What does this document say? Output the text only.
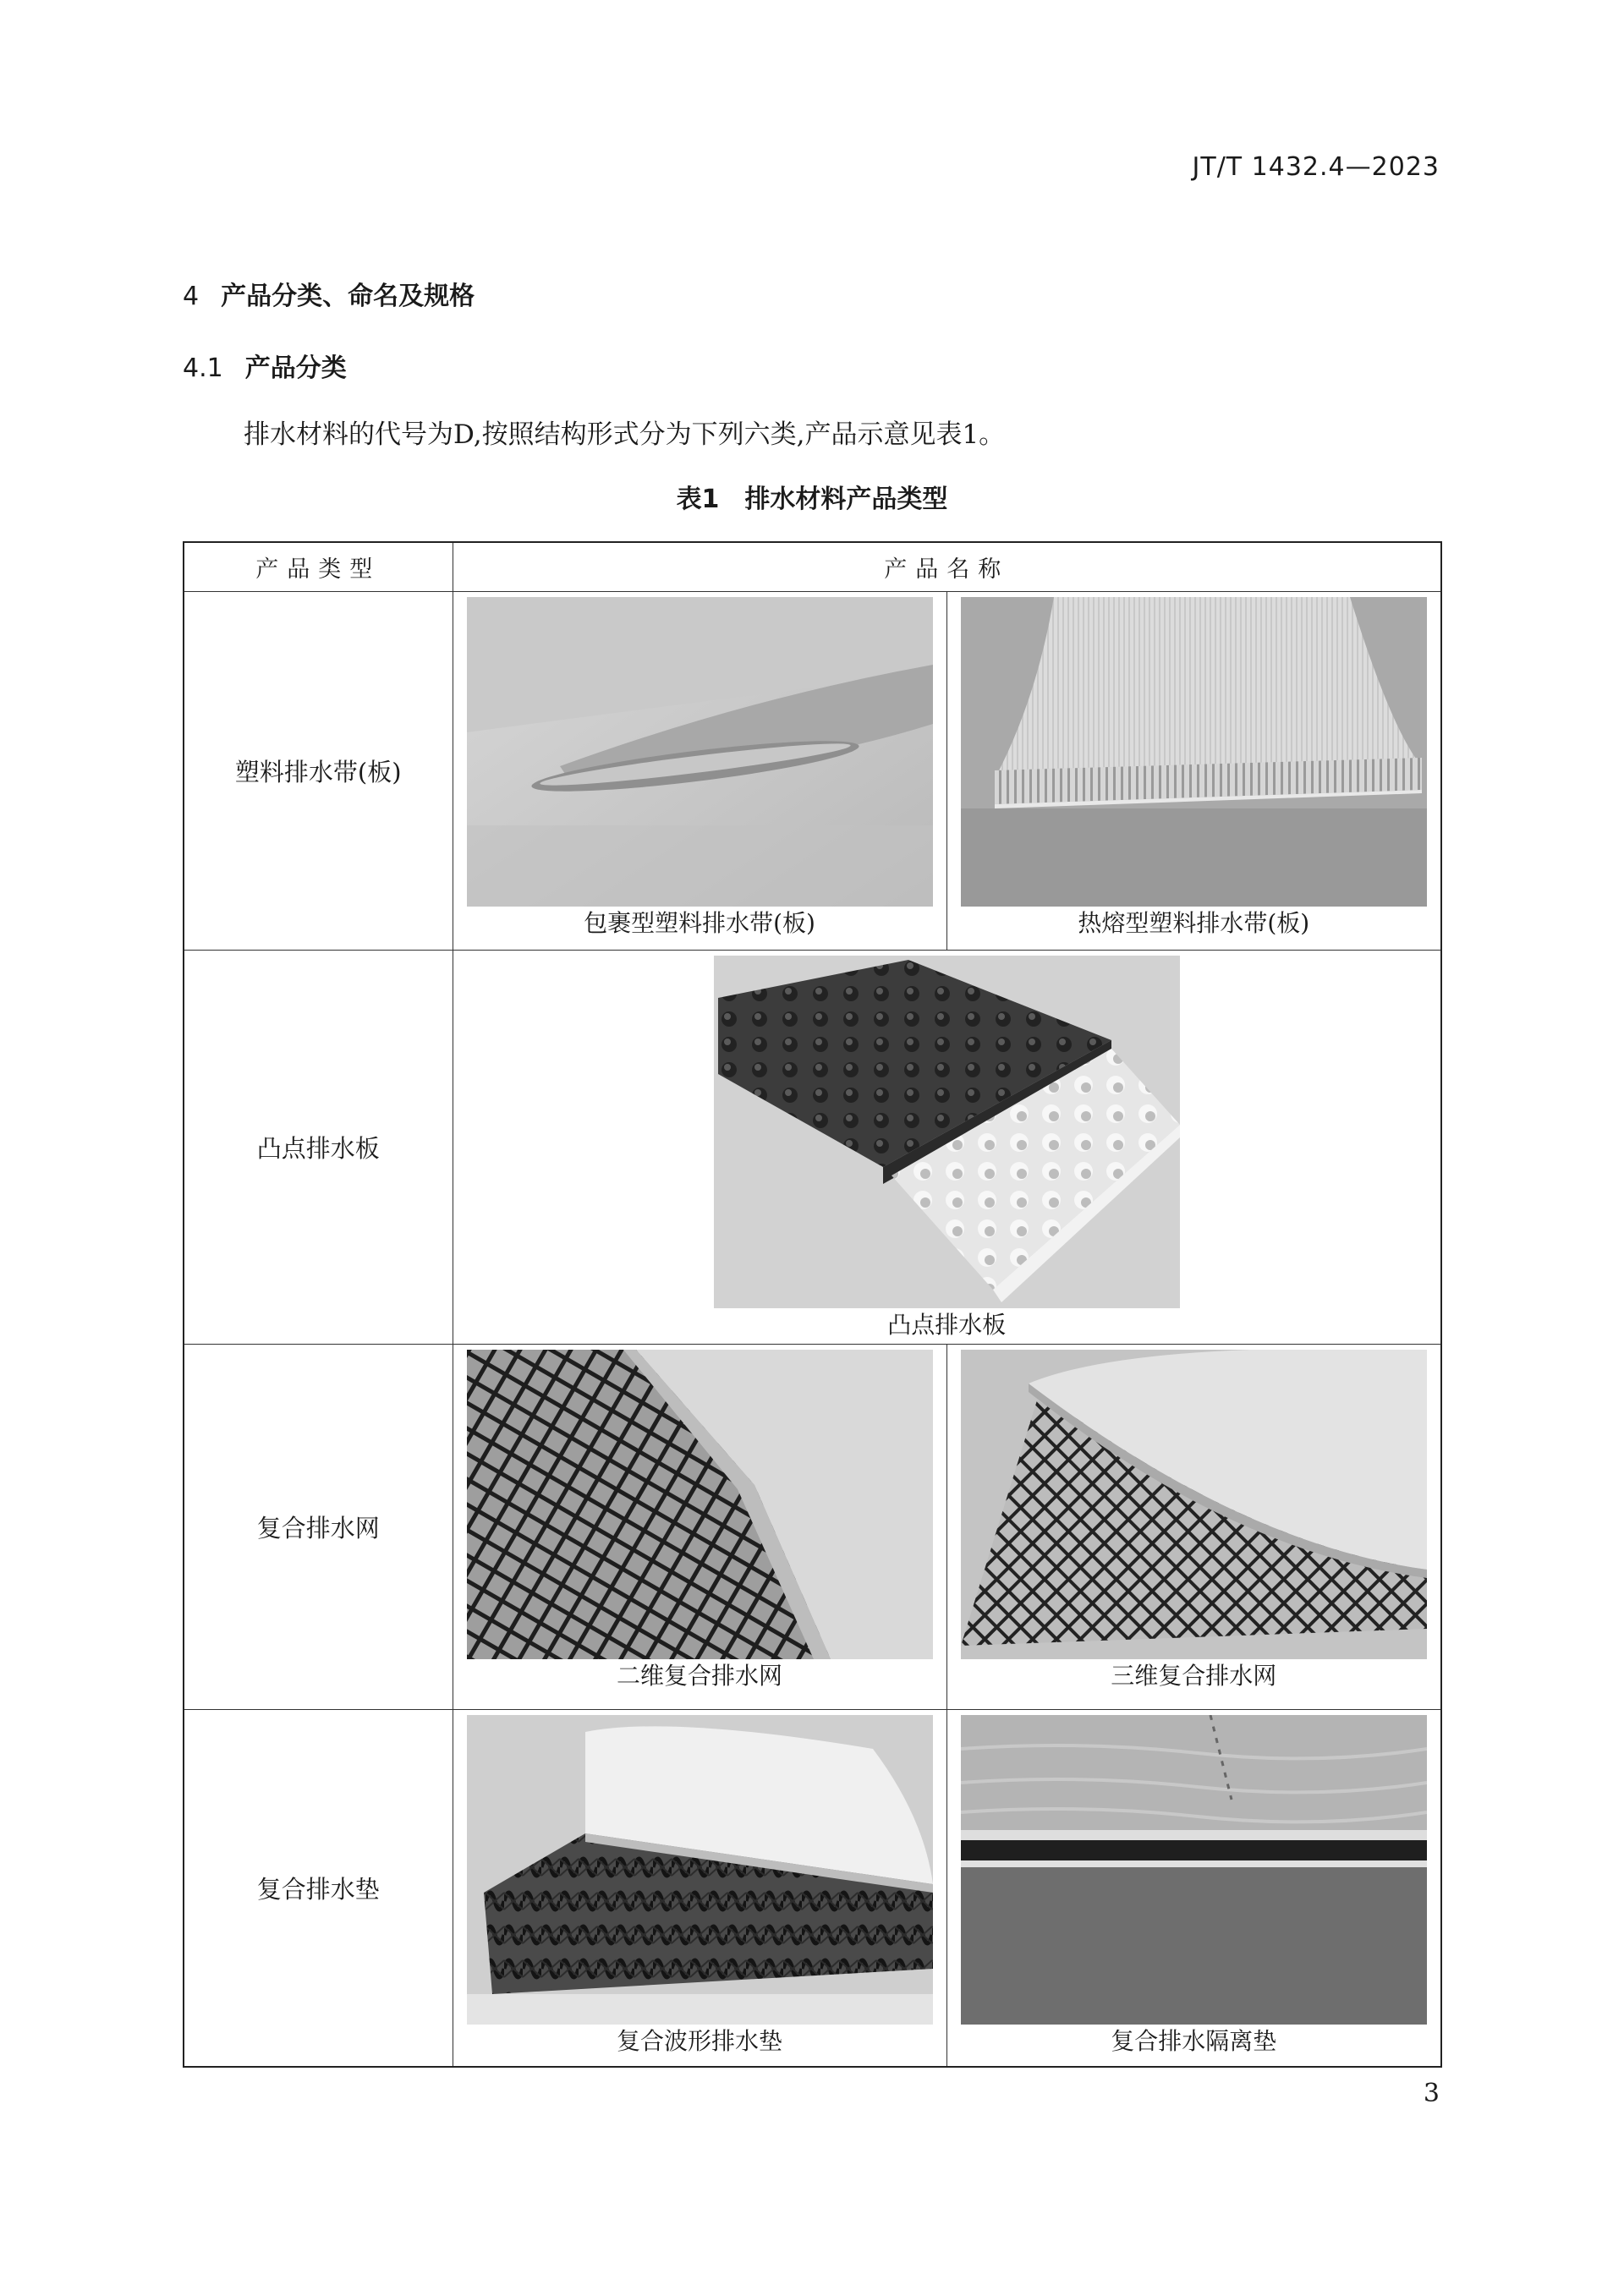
JT/T 1432.4—2023
4 产品分类、命名及规格
4.1 产品分类
排水材料的代号为D,按照结构形式分为下列六类,产品示意见表1。
表1 排水材料产品类型
产品类型	产品名称	
塑料排水带(板)	包裹型塑料排水带(板)	热熔型塑料排水带(板)

凸点排水板	凸点排水板	

复合排水网	二维复合排水网	三维复合排水网

复合排水垫	复合波形排水垫	复合排水隔离垫
3
